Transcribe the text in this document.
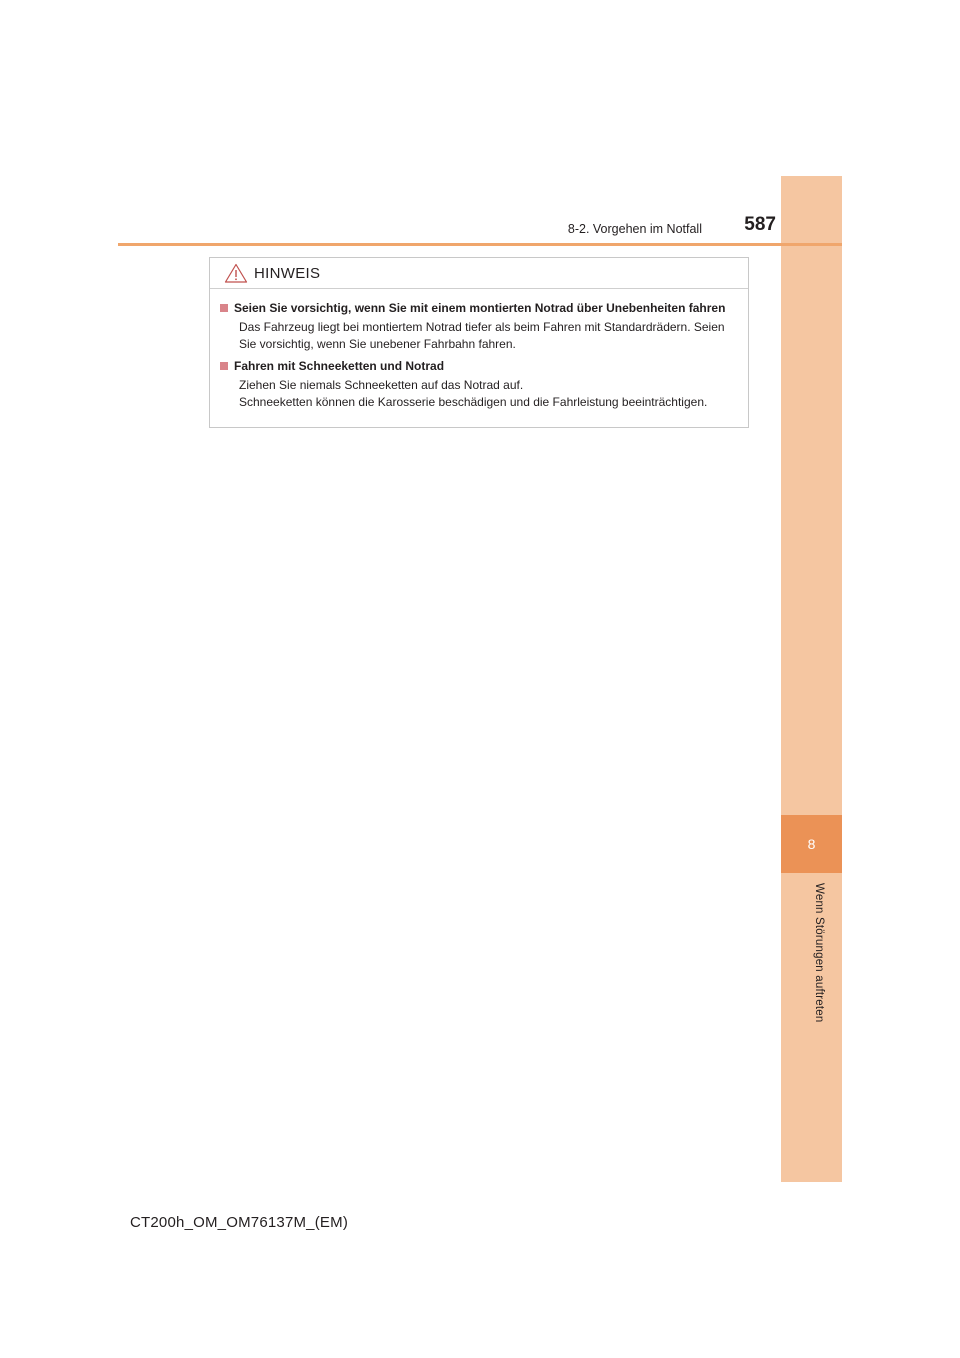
8
Wenn Störungen auftreten
8-2. Vorgehen im Notfall	587
HINWEIS
Seien Sie vorsichtig, wenn Sie mit einem montierten Notrad über Unebenheiten fahren
Das Fahrzeug liegt bei montiertem Notrad tiefer als beim Fahren mit Standardrädern. Seien Sie vorsichtig, wenn Sie unebener Fahrbahn fahren.
Fahren mit Schneeketten und Notrad
Ziehen Sie niemals Schneeketten auf das Notrad auf.
Schneeketten können die Karosserie beschädigen und die Fahrleistung beeinträchtigen.
CT200h_OM_OM76137M_(EM)
